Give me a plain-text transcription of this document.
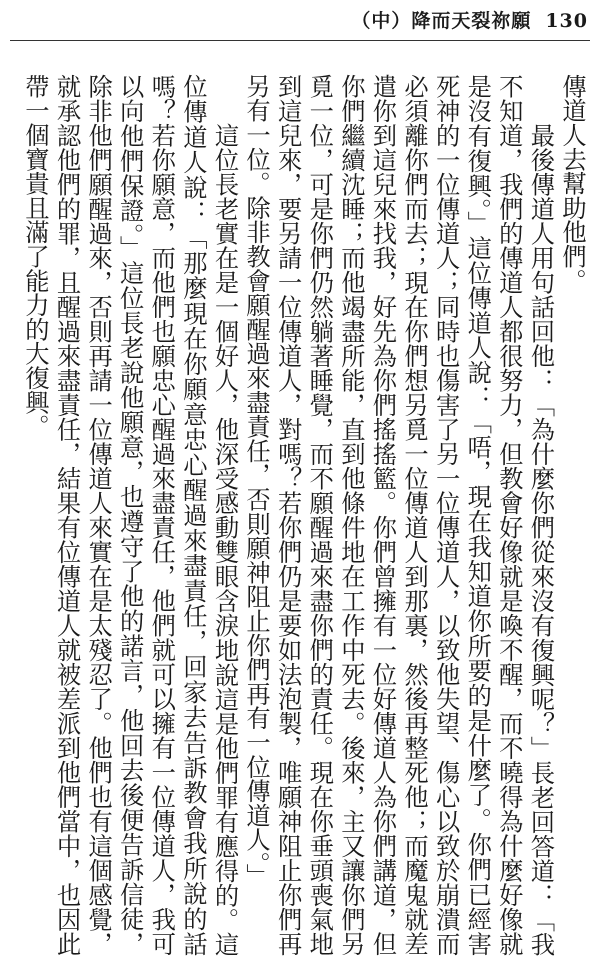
（中）降而天裂祢願 130

傳道人去幫助他們。

最後傳道人用句話回他：「為什麼你們從來沒有復興呢？」長老回答道：「我不知道，我們的傳道人都很努力，但教會好像就是喚不醒，而不曉得為什麼好像就是沒有復興。」這位傳道人說：「唔，現在我知道你所要的是什麼了。你們已經害死神的一位傳道人；同時也傷害了另一位傳道人，以致他失望、傷心以致於崩潰而必須離你們而去；現在你們想另覓一位傳道人到那裏，然後再整死他；而魔鬼就差遣你到這兒來找我，好先為你們搖搖籃。你們曾擁有一位好傳道人為你們講道，但你們繼續沈睡；而他竭盡所能，直到他條件地在工作中死去。後來，主又讓你們另覓一位，可是你們仍然躺著睡覺，而不願醒過來盡你們的責任。現在你垂頭喪氣地到這兒來，要另請一位傳道人，對嗎？若你們仍是要如法泡製，唯願神阻止你們再另有一位。除非教會願醒過來盡責任，否則願神阻止你們再有一位傳道人。」

這位長老實在是一個好人，他深受感動雙眼含淚地說這是他們罪有應得的。這位傳道人說：「那麼現在你願意忠心醒過來盡責任，回家去告訴教會我所說的話嗎？若你願意，而他們也願忠心醒過來盡責任，他們就可以擁有一位傳道人，我可以向他們保證。」這位長老說他願意，也遵守了他的諾言，他回去後便告訴信徒，除非他們願醒過來，否則再請一位傳道人來實在是太殘忍了。他們也有這個感覺，就承認他們的罪，且醒過來盡責任，結果有位傳道人就被差派到他們當中，也因此帶一個寶貴且滿了能力的大復興。
